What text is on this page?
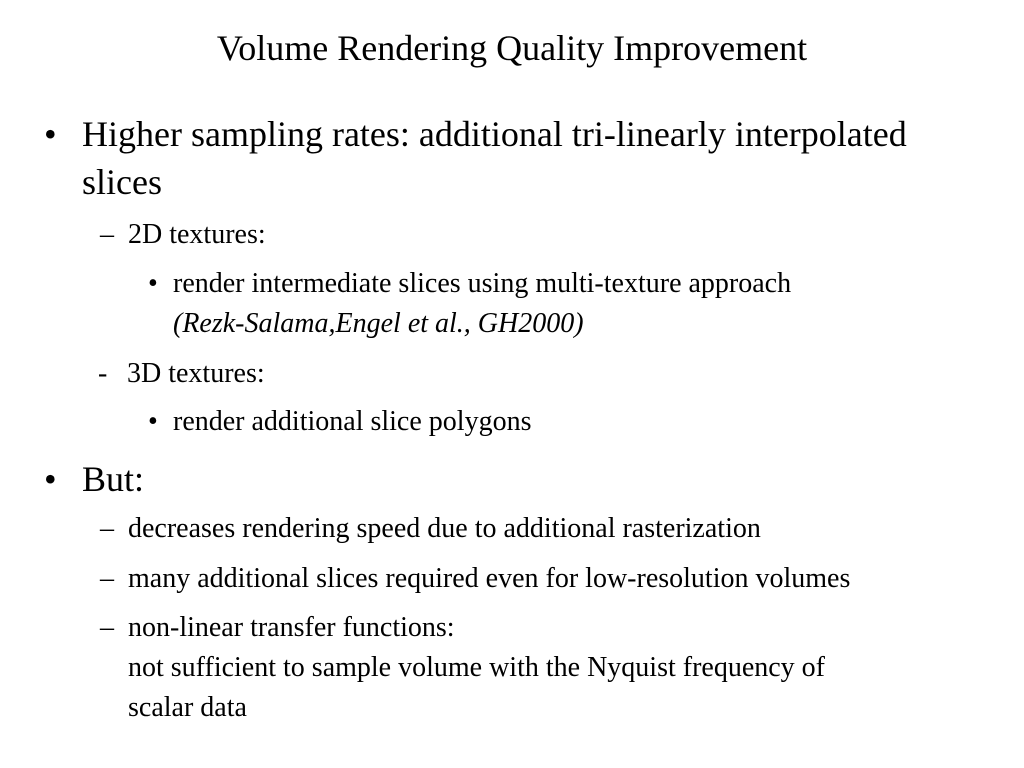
Volume Rendering Quality Improvement
• Higher sampling rates: additional tri-linearly interpolated
slices
– 2D textures:
• render intermediate slices using multi-texture approach
(Rezk-Salama,Engel et al., GH2000)
- 3D textures:
• render additional slice polygons
• But:
– decreases rendering speed due to additional rasterization
– many additional slices required even for low-resolution volumes
– non-linear transfer functions:
not sufficient to sample volume with the Nyquist frequency of
scalar data
